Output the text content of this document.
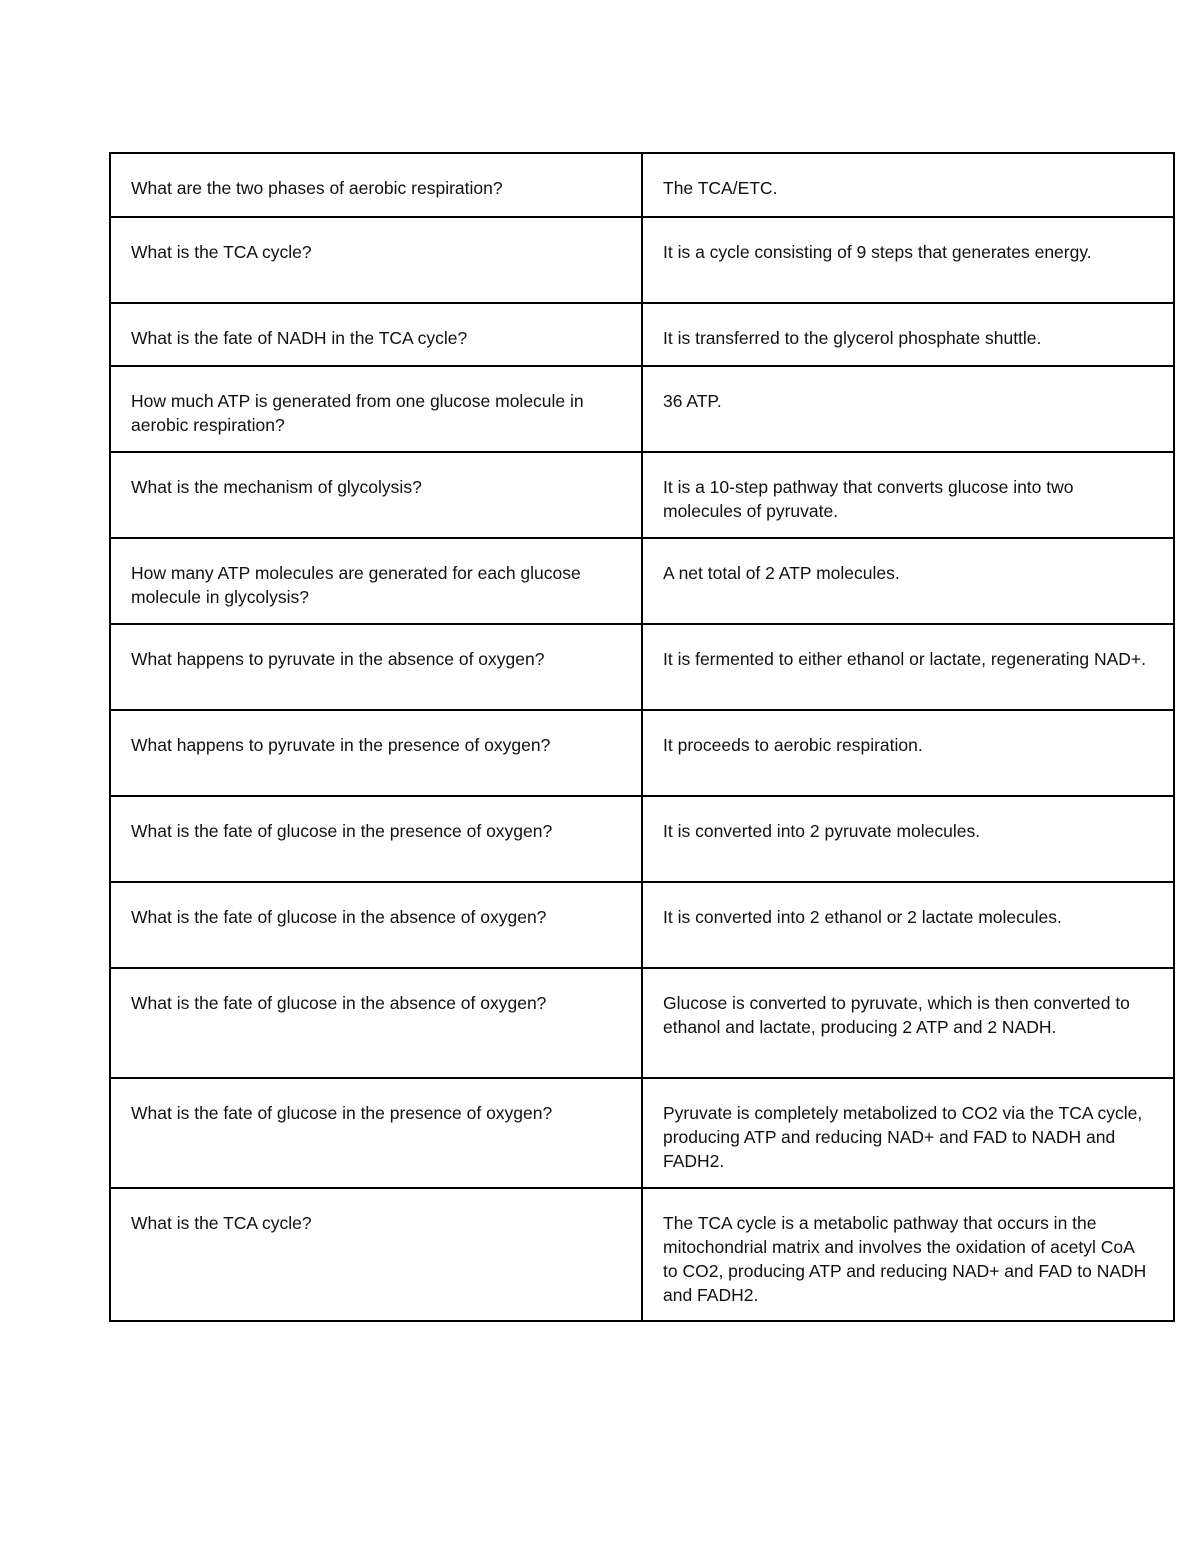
What are the two phases of aerobic respiration?	The TCA/ETC.
What is the TCA cycle?	It is a cycle consisting of 9 steps that generates energy.
What is the fate of NADH in the TCA cycle?	It is transferred to the glycerol phosphate shuttle.
How much ATP is generated from one glucose molecule in aerobic respiration?	36 ATP.
What is the mechanism of glycolysis?	It is a 10-step pathway that converts glucose into two molecules of pyruvate.
How many ATP molecules are generated for each glucose molecule in glycolysis?	A net total of 2 ATP molecules.
What happens to pyruvate in the absence of oxygen?	It is fermented to either ethanol or lactate, regenerating NAD+.
What happens to pyruvate in the presence of oxygen?	It proceeds to aerobic respiration.
What is the fate of glucose in the presence of oxygen?	It is converted into 2 pyruvate molecules.
What is the fate of glucose in the absence of oxygen?	It is converted into 2 ethanol or 2 lactate molecules.
What is the fate of glucose in the absence of oxygen?	Glucose is converted to pyruvate, which is then converted to ethanol and lactate, producing 2 ATP and 2 NADH.
What is the fate of glucose in the presence of oxygen?	Pyruvate is completely metabolized to CO2 via the TCA cycle, producing ATP and reducing NAD+ and FAD to NADH and FADH2.
What is the TCA cycle?	The TCA cycle is a metabolic pathway that occurs in the mitochondrial matrix and involves the oxidation of acetyl CoA to CO2, producing ATP and reducing NAD+ and FAD to NADH and FADH2.
